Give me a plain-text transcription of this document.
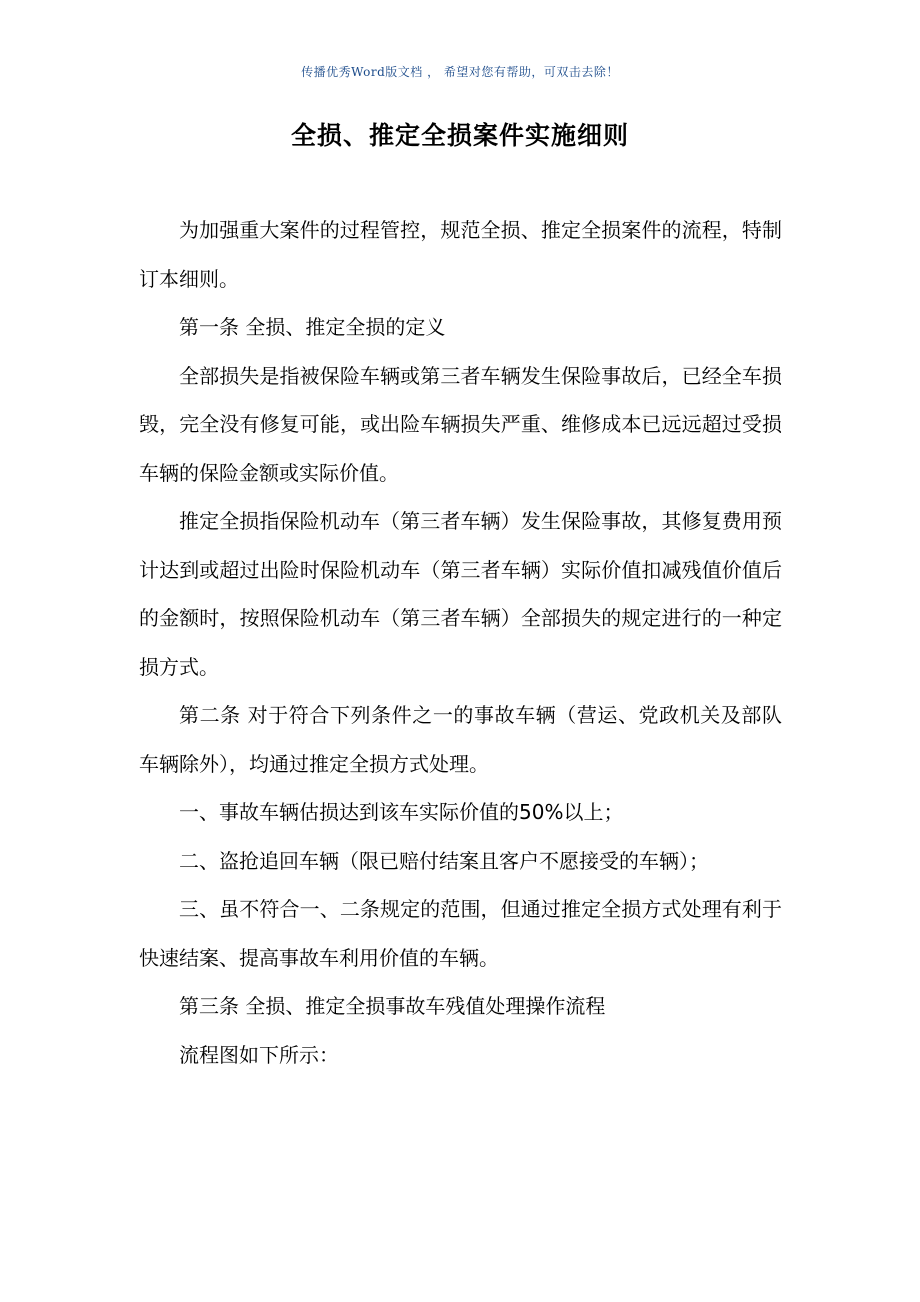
传播优秀Word版文档 ， 希望对您有帮助，可双击去除！
全损、推定全损案件实施细则

为加强重大案件的过程管控，规范全损、推定全损案件的流程，特制订本细则。

第一条 全损、推定全损的定义

全部损失是指被保险车辆或第三者车辆发生保险事故后，已经全车损毁，完全没有修复可能，或出险车辆损失严重、维修成本已远远超过受损车辆的保险金额或实际价值。

推定全损指保险机动车（第三者车辆）发生保险事故，其修复费用预计达到或超过出险时保险机动车（第三者车辆）实际价值扣减残值价值后的金额时，按照保险机动车（第三者车辆）全部损失的规定进行的一种定损方式。

第二条 对于符合下列条件之一的事故车辆（营运、党政机关及部队车辆除外），均通过推定全损方式处理。

一、事故车辆估损达到该车实际价值的50%以上；

二、盗抢追回车辆（限已赔付结案且客户不愿接受的车辆）；

三、虽不符合一、二条规定的范围，但通过推定全损方式处理有利于快速结案、提高事故车利用价值的车辆。

第三条 全损、推定全损事故车残值处理操作流程

流程图如下所示：
